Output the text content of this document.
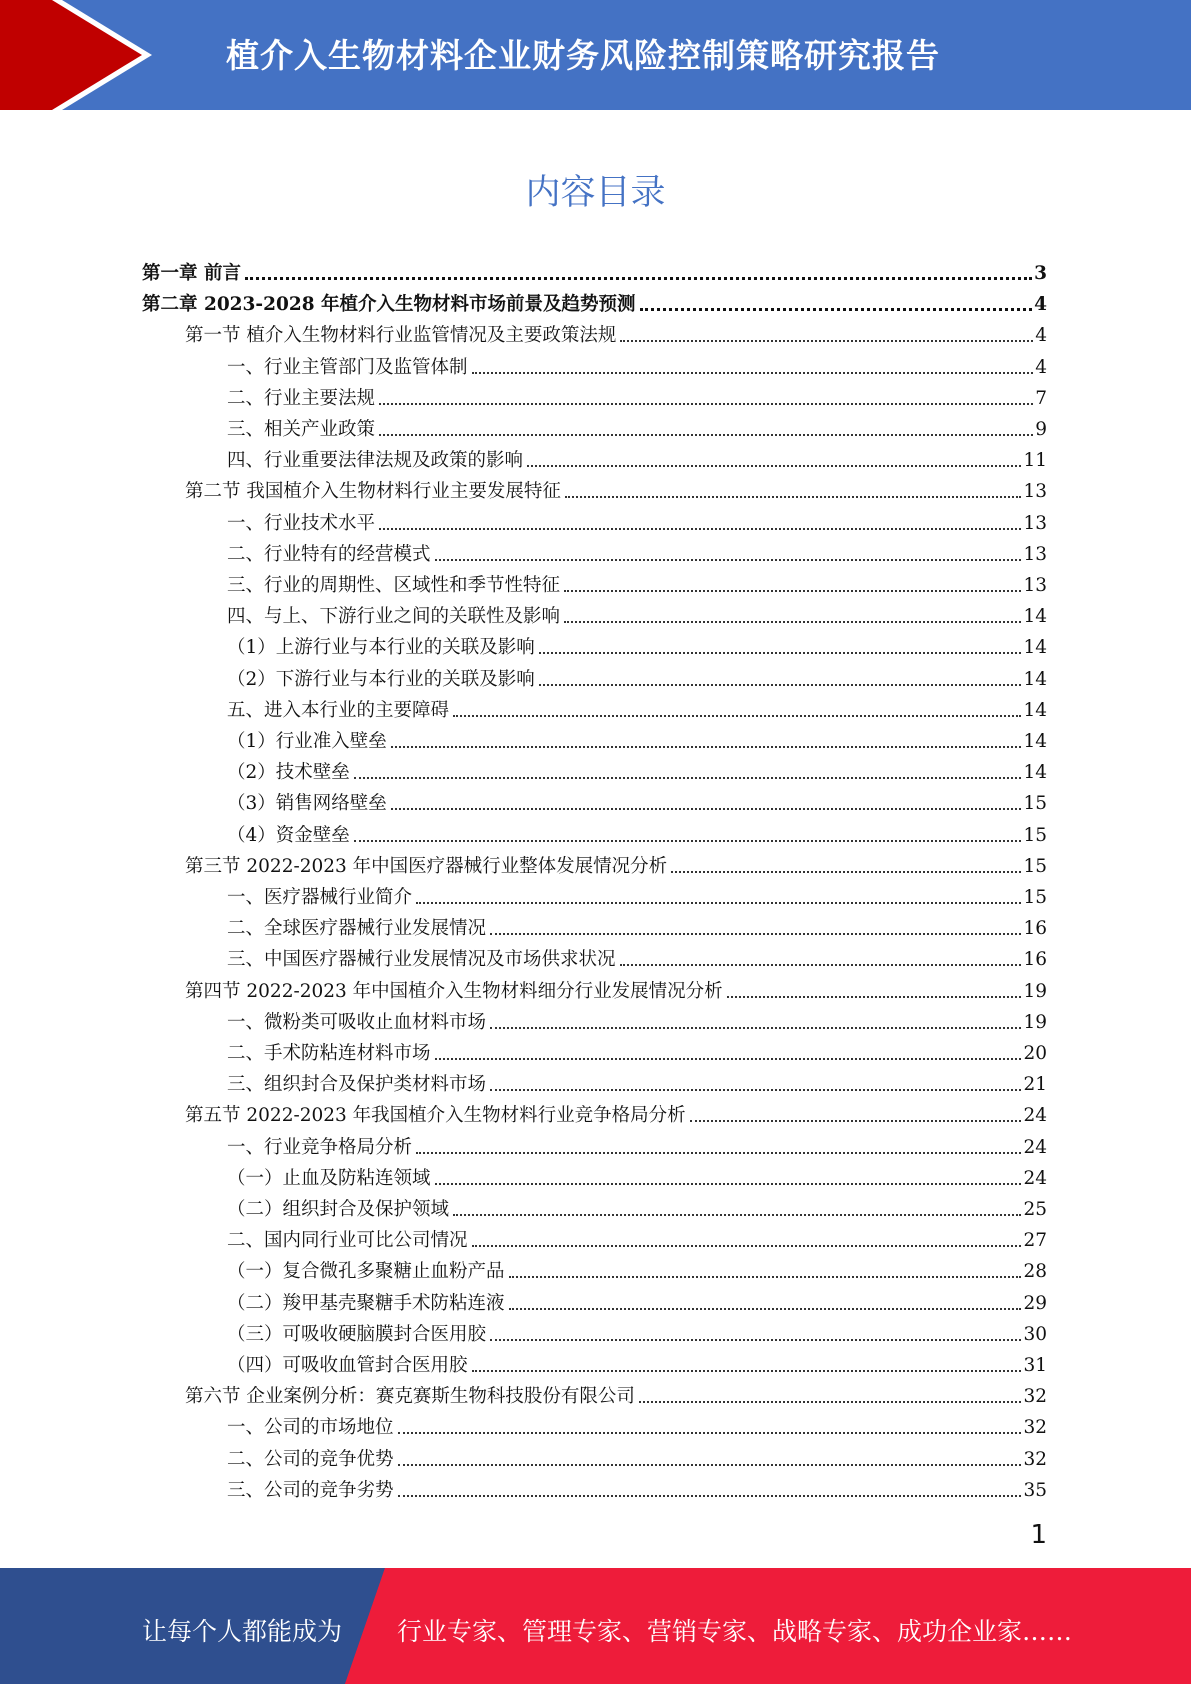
植介入生物材料企业财务风险控制策略研究报告
内容目录
第一章 前言	3
第二章 2023-2028 年植介入生物材料市场前景及趋势预测	4
第一节 植介入生物材料行业监管情况及主要政策法规	4
一、行业主管部门及监管体制	4
二、行业主要法规	7
三、相关产业政策	9
四、行业重要法律法规及政策的影响	11
第二节 我国植介入生物材料行业主要发展特征	13
一、行业技术水平	13
二、行业特有的经营模式	13
三、行业的周期性、区域性和季节性特征	13
四、与上、下游行业之间的关联性及影响	14
（1）上游行业与本行业的关联及影响	14
（2）下游行业与本行业的关联及影响	14
五、进入本行业的主要障碍	14
（1）行业准入壁垒	14
（2）技术壁垒	14
（3）销售网络壁垒	15
（4）资金壁垒	15
第三节 2022-2023 年中国医疗器械行业整体发展情况分析	15
一、医疗器械行业简介	15
二、全球医疗器械行业发展情况	16
三、中国医疗器械行业发展情况及市场供求状况	16
第四节 2022-2023 年中国植介入生物材料细分行业发展情况分析	19
一、微粉类可吸收止血材料市场	19
二、手术防粘连材料市场	20
三、组织封合及保护类材料市场	21
第五节 2022-2023 年我国植介入生物材料行业竞争格局分析	24
一、行业竞争格局分析	24
（一）止血及防粘连领域	24
（二）组织封合及保护领域	25
二、国内同行业可比公司情况	27
（一）复合微孔多聚糖止血粉产品	28
（二）羧甲基壳聚糖手术防粘连液	29
（三）可吸收硬脑膜封合医用胶	30
（四）可吸收血管封合医用胶	31
第六节 企业案例分析：赛克赛斯生物科技股份有限公司	32
一、公司的市场地位	32
二、公司的竞争优势	32
三、公司的竞争劣势	35
1
让每个人都能成为 行业专家、管理专家、营销专家、战略专家、成功企业家……
